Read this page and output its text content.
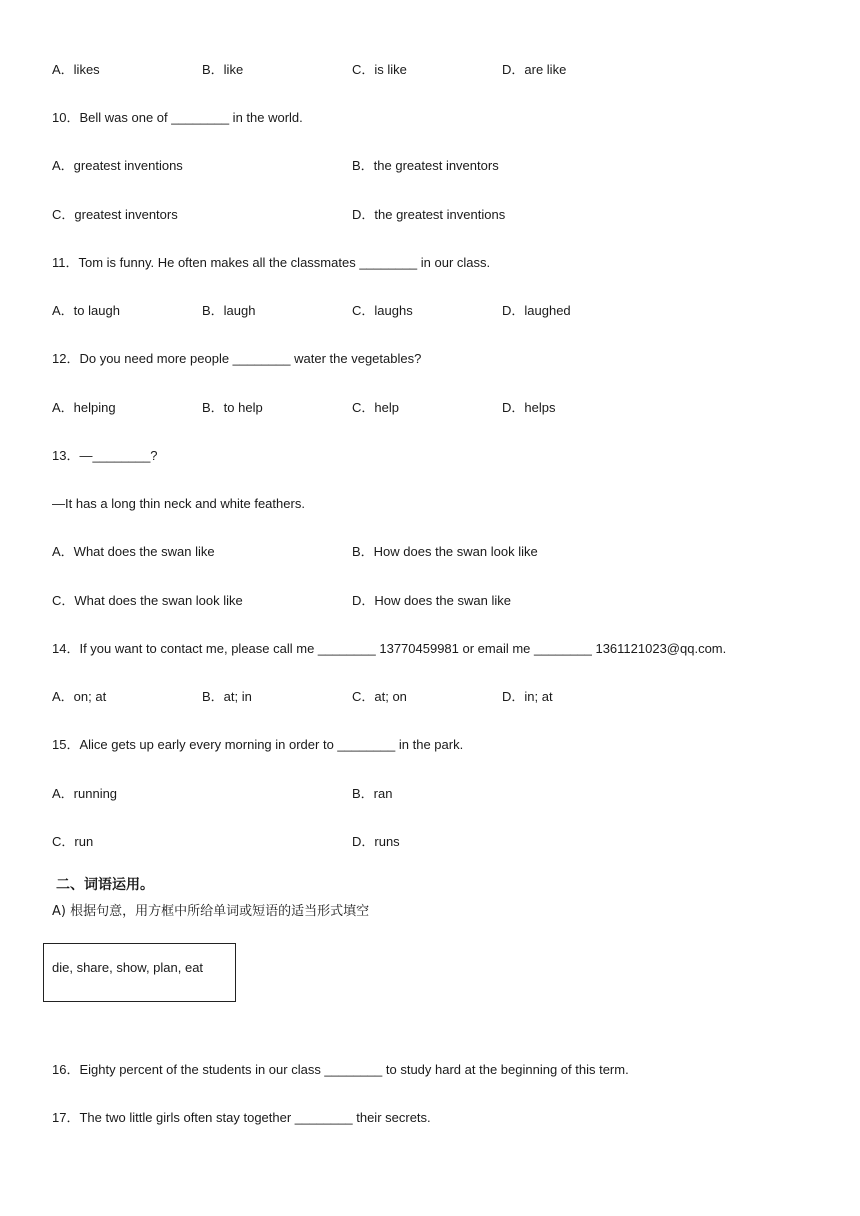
A．likes	B．like	C．is like	D．are like
10．Bell was one of ________ in the world.
A．greatest inventions	B．the greatest inventors
C．greatest inventors	D．the greatest inventions
11．Tom is funny. He often makes all the classmates ________ in our class.
A．to laugh	B．laugh	C．laughs	D．laughed
12．Do you need more people ________ water the vegetables?
A．helping	B．to help	C．help	D．helps
13．—________?
—It has a long thin neck and white feathers.
A．What does the swan like	B．How does the swan look like
C．What does the swan look like	D．How does the swan like
14．If you want to contact me, please call me ________ 13770459981 or email me ________ 1361121023@qq.com.
A．on; at	B．at; in	C．at; on	D．in; at
15．Alice gets up early every morning in order to ________ in the park.
A．running	B．ran
C．run	D．runs
二、词语运用。
A) 根据句意，用方框中所给单词或短语的适当形式填空
die, share, show, plan, eat
16．Eighty percent of the students in our class ________ to study hard at the beginning of this term.
17．The two little girls often stay together ________ their secrets.
